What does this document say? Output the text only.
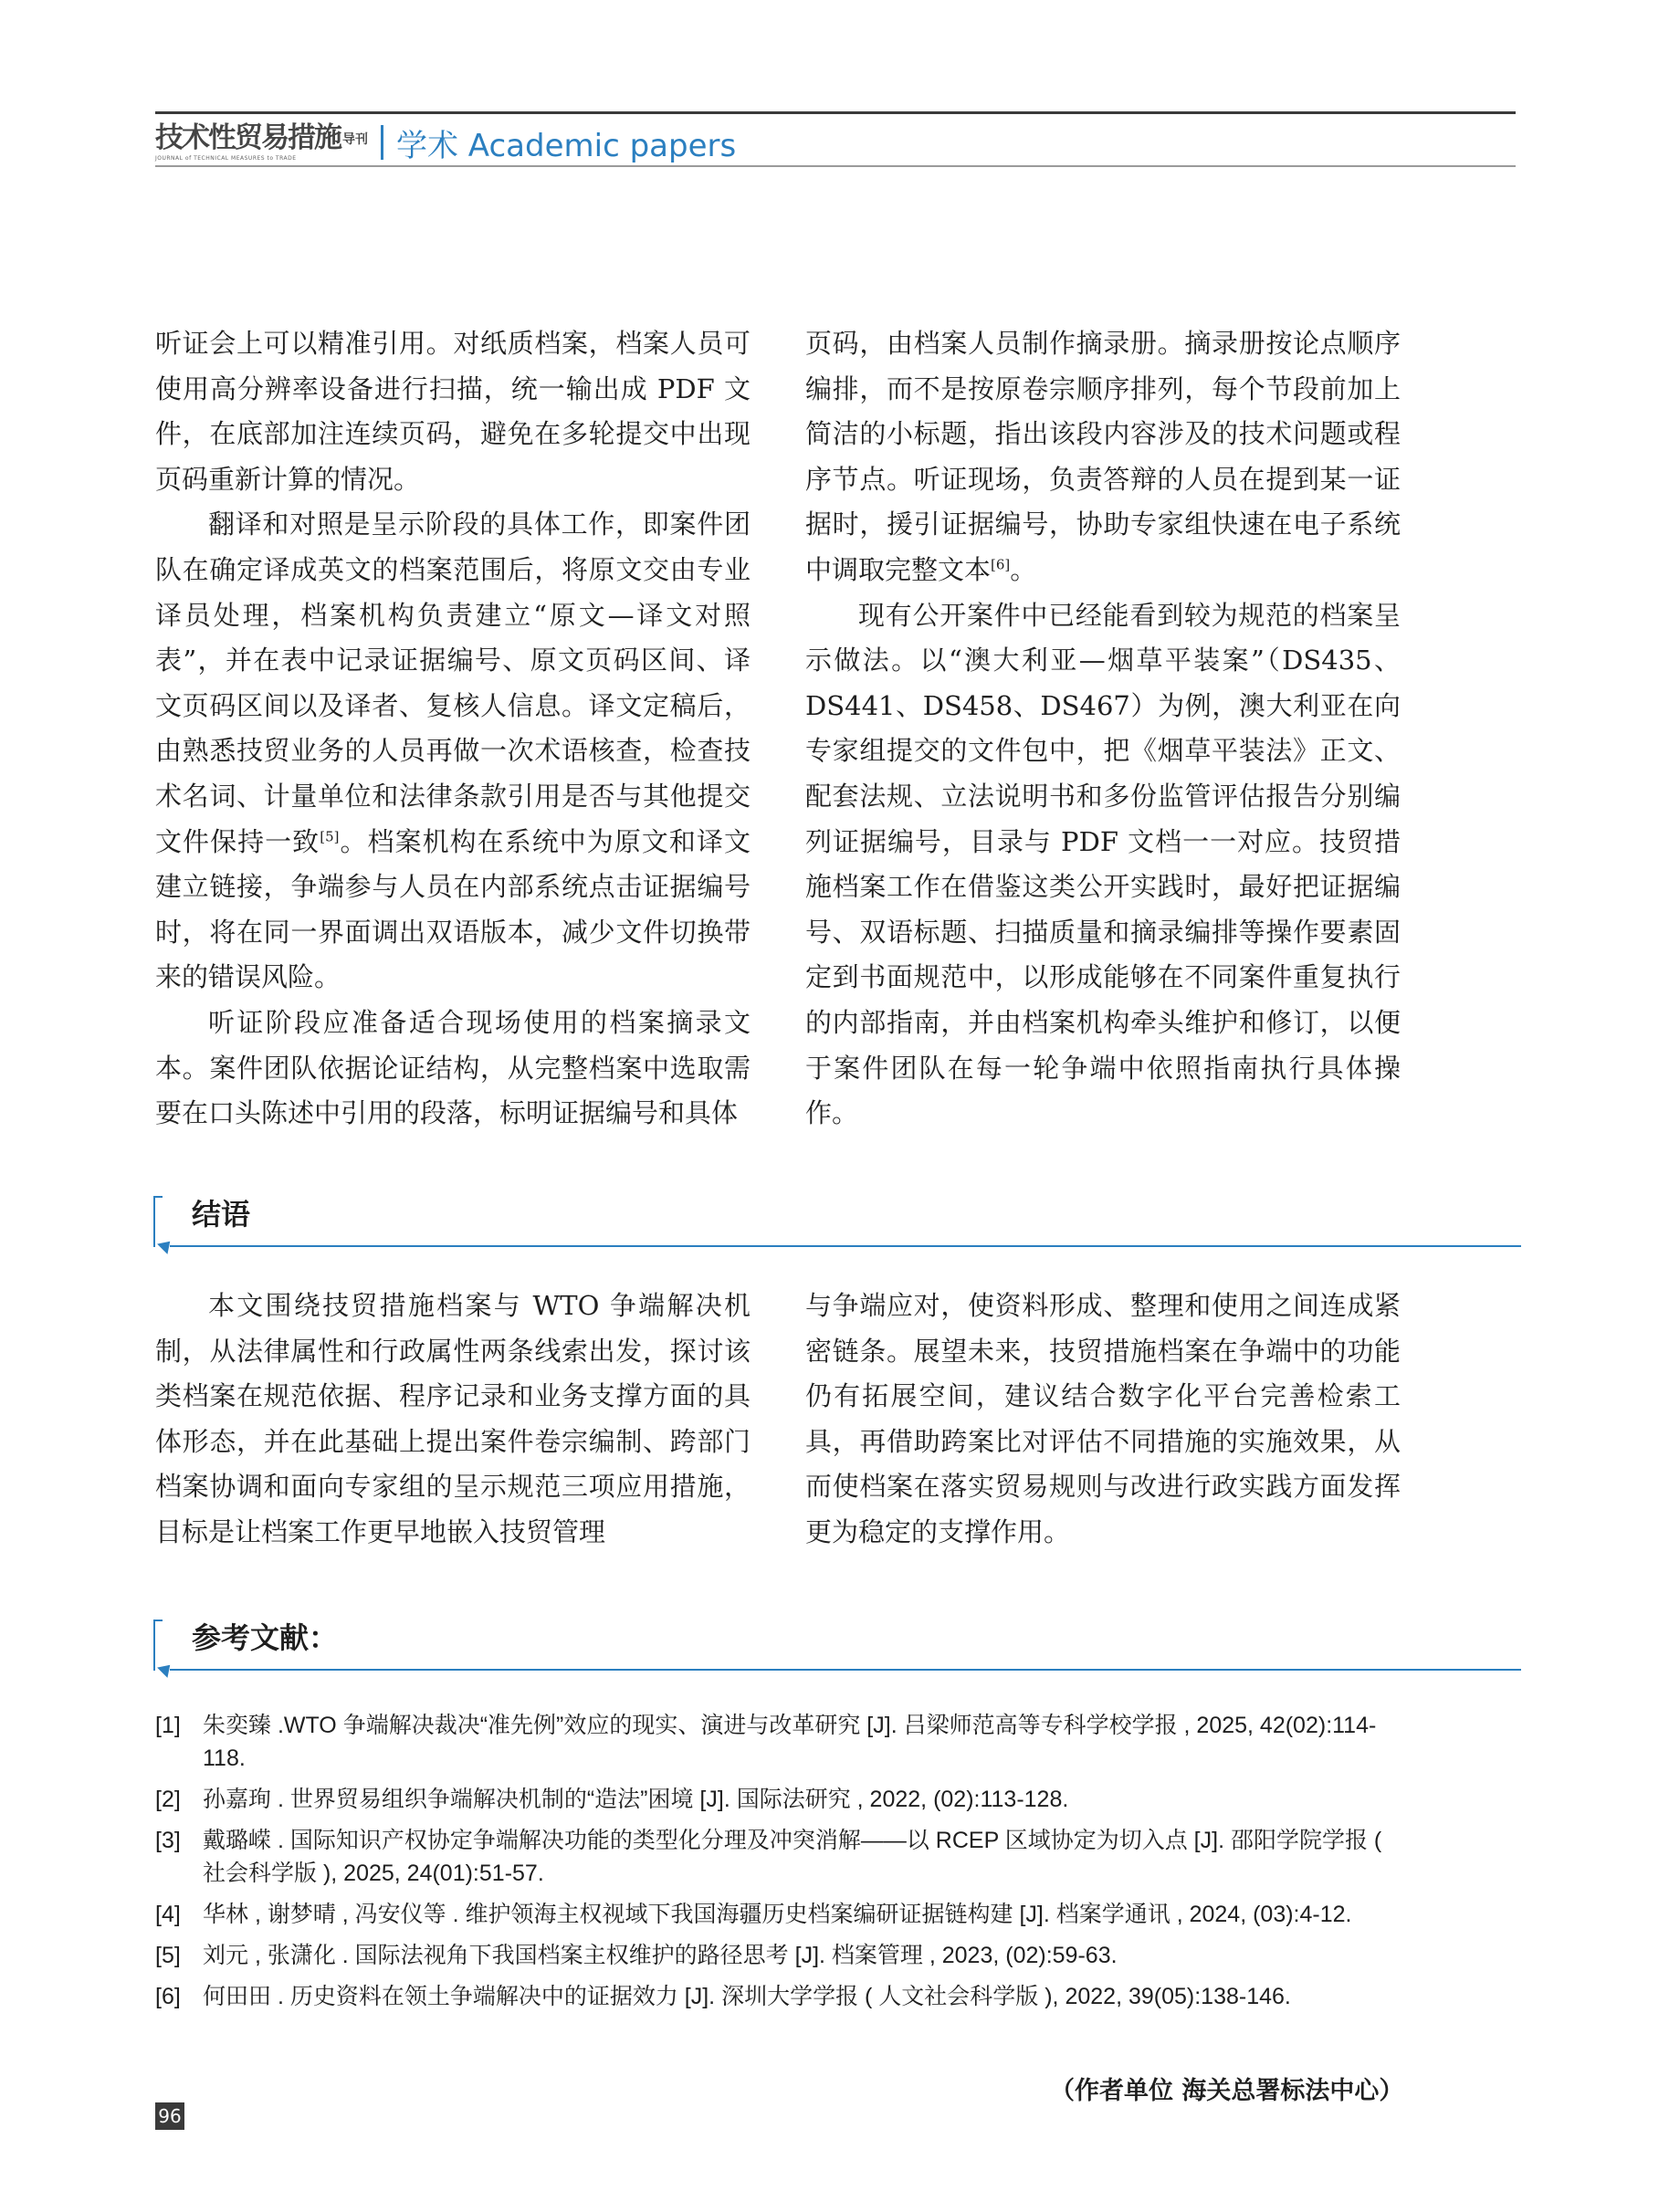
技术性贸易措施 导刊
JOURNAL of TECHNICAL MEASURES to TRADE	学术 Academic papers

听证会上可以精准引用。对纸质档案，档案人员可使用高分辨率设备进行扫描，统一输出成 PDF 文件，在底部加注连续页码，避免在多轮提交中出现页码重新计算的情况。

翻译和对照是呈示阶段的具体工作，即案件团队在确定译成英文的档案范围后，将原文交由专业译员处理，档案机构负责建立“原文—译文对照表”，并在表中记录证据编号、原文页码区间、译文页码区间以及译者、复核人信息。译文定稿后，由熟悉技贸业务的人员再做一次术语核查，检查技术名词、计量单位和法律条款引用是否与其他提交文件保持一致[5]。档案机构在系统中为原文和译文建立链接，争端参与人员在内部系统点击证据编号时，将在同一界面调出双语版本，减少文件切换带来的错误风险。

听证阶段应准备适合现场使用的档案摘录文本。案件团队依据论证结构，从完整档案中选取需要在口头陈述中引用的段落，标明证据编号和具体

页码，由档案人员制作摘录册。摘录册按论点顺序编排，而不是按原卷宗顺序排列，每个节段前加上简洁的小标题，指出该段内容涉及的技术问题或程序节点。听证现场，负责答辩的人员在提到某一证据时，援引证据编号，协助专家组快速在电子系统中调取完整文本[6]。

现有公开案件中已经能看到较为规范的档案呈示做法。以“澳大利亚—烟草平装案”（DS435、DS441、DS458、DS467）为例，澳大利亚在向专家组提交的文件包中，把《烟草平装法》正文、配套法规、立法说明书和多份监管评估报告分别编列证据编号，目录与 PDF 文档一一对应。技贸措施档案工作在借鉴这类公开实践时，最好把证据编号、双语标题、扫描质量和摘录编排等操作要素固定到书面规范中，以形成能够在不同案件重复执行的内部指南，并由档案机构牵头维护和修订，以便于案件团队在每一轮争端中依照指南执行具体操作。

结语

本文围绕技贸措施档案与 WTO 争端解决机制，从法律属性和行政属性两条线索出发，探讨该类档案在规范依据、程序记录和业务支撑方面的具体形态，并在此基础上提出案件卷宗编制、跨部门档案协调和面向专家组的呈示规范三项应用措施，目标是让档案工作更早地嵌入技贸管理

与争端应对，使资料形成、整理和使用之间连成紧密链条。展望未来，技贸措施档案在争端中的功能仍有拓展空间，建议结合数字化平台完善检索工具，再借助跨案比对评估不同措施的实施效果，从而使档案在落实贸易规则与改进行政实践方面发挥更为稳定的支撑作用。

参考文献：
[1] 朱奕臻 .WTO 争端解决裁决“准先例”效应的现实、演进与改革研究 [J]. 吕梁师范高等专科学校学报 , 2025, 42(02):114-118.
[2] 孙嘉珣 . 世界贸易组织争端解决机制的“造法”困境 [J]. 国际法研究 , 2022, (02):113-128.
[3] 戴璐嵘 . 国际知识产权协定争端解决功能的类型化分理及冲突消解——以 RCEP 区域协定为切入点 [J]. 邵阳学院学报 ( 社会科学版 ), 2025, 24(01):51-57.
[4] 华林 , 谢梦晴 , 冯安仪等 . 维护领海主权视域下我国海疆历史档案编研证据链构建 [J]. 档案学通讯 , 2024, (03):4-12.
[5] 刘元 , 张潇化 . 国际法视角下我国档案主权维护的路径思考 [J]. 档案管理 , 2023, (02):59-63.
[6] 何田田 . 历史资料在领土争端解决中的证据效力 [J]. 深圳大学学报 ( 人文社会科学版 ), 2022, 39(05):138-146.
（作者单位 海关总署标法中心）
96
